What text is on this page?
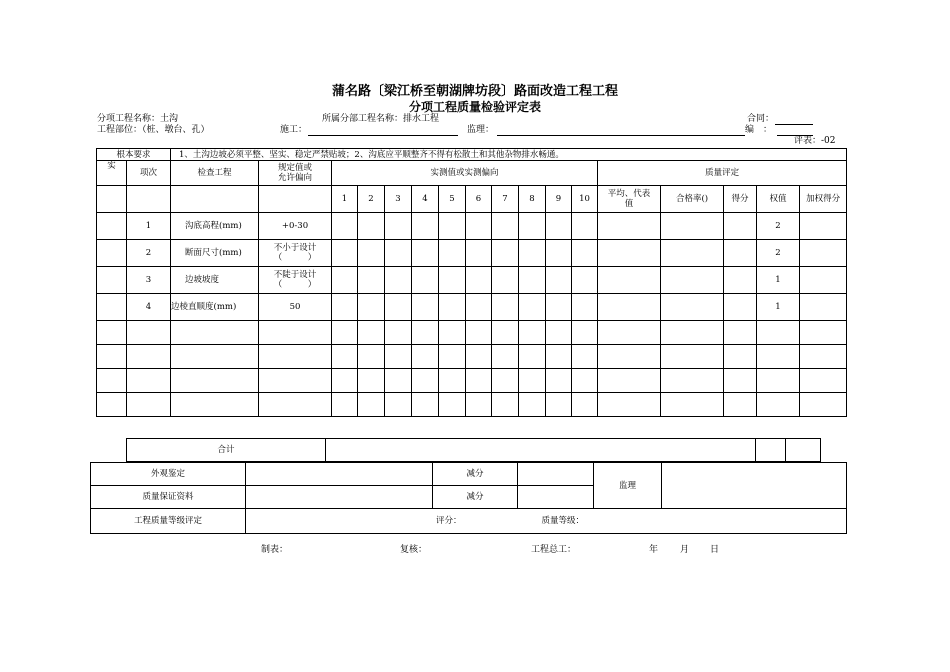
蒲名路〔梁江桥至朝湖牌坊段〕路面改造工程工程
分项工程质量检验评定表
分项工程名称：土沟	所属分部工程名称：排水工程	合同：
工程部位：（桩、墩台、孔）	施工：	监理：	编　：
评表：-02
根本要求		1、土沟边坡必须平整、坚实、稳定严禁贴坡；2、沟底应平顺整齐不得有松散土和其他杂物排水畅通。																
实	项次	检查工程	规定值或
允许偏向	实测值或实测偏向										质量评定				
				1	2	3	4	5	6	7	8	9	10	平均、代表
值	合格率()	得分	权值	加权得分
	1	沟底高程(mm)	+0-30														2	
	2	断面尺寸(mm)	不小于设计
（　　　）														2	
	3	边坡坡度	不陡于设计
（　　　）														1	
	4	边棱直顺度(mm)	50														1	

合计			
外观鉴定		减分		监理	
质量保证资料		减分			
工程质量等级评定	评分： 质量等级：				
制表：	复核：	工程总工：	年 月 日
